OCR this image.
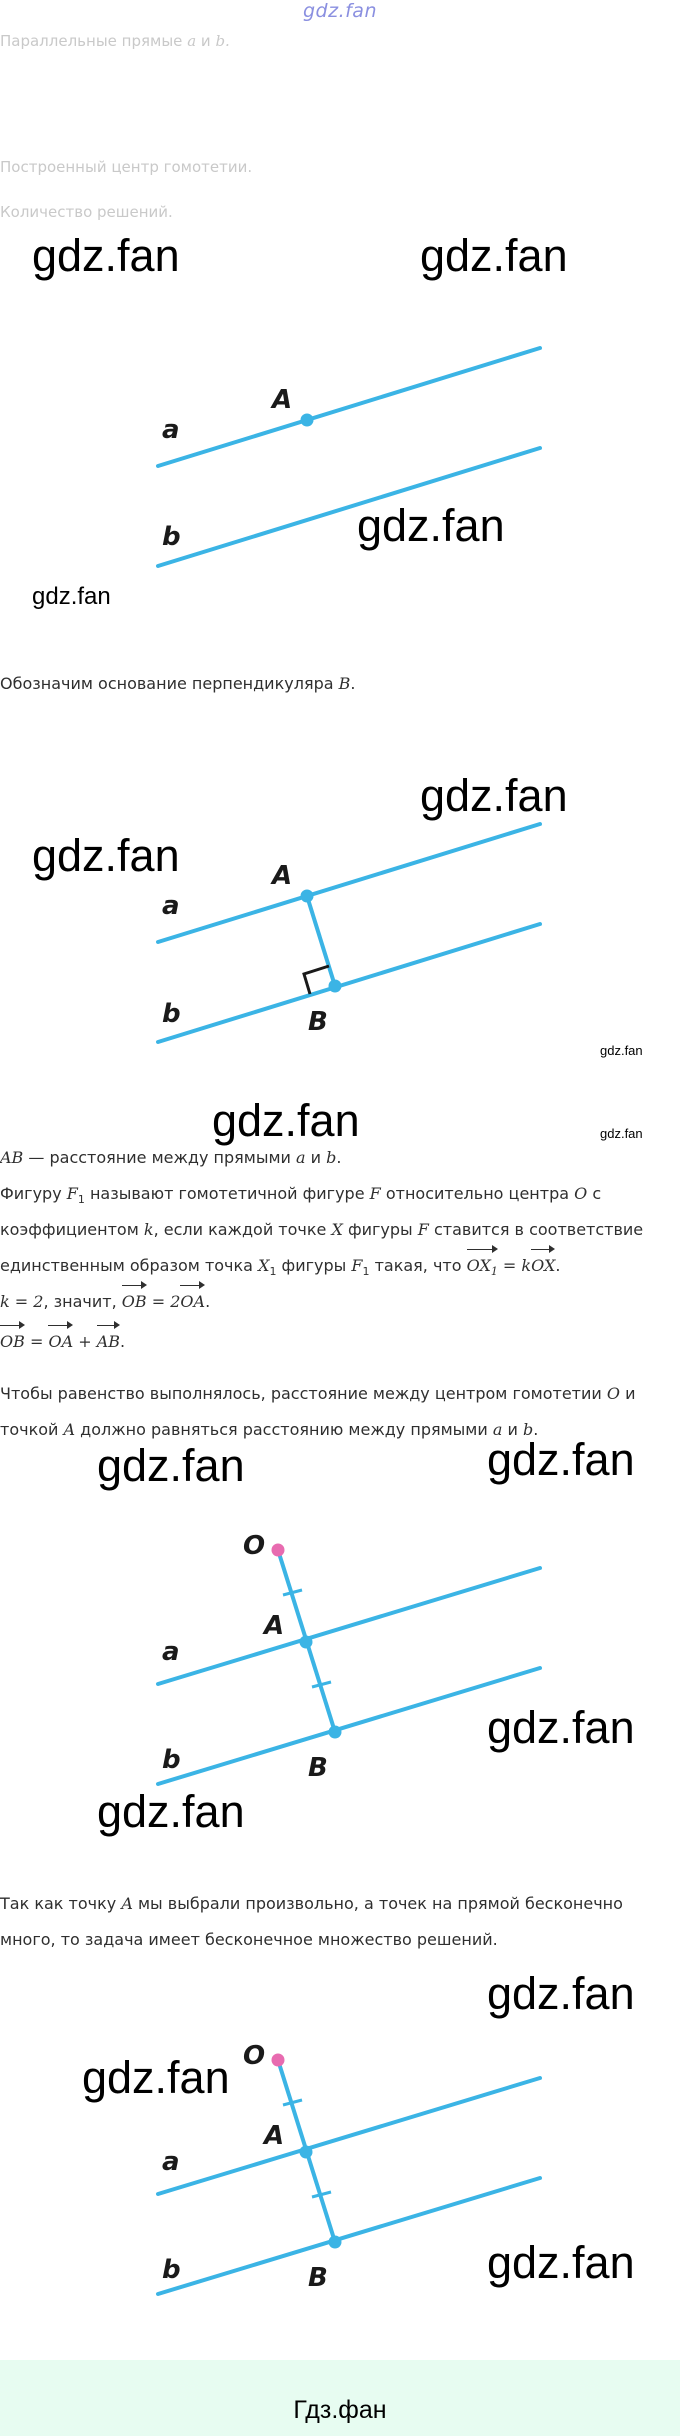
gdz.fan
Параллельные прямые a и b.
Построенный центр гомотетии.
Количество решений.
gdz.fan	gdz.fan
gdz.fan
gdz.fan
gdz.fan
gdz.fan
gdz.fan
gdz.fan	gdz.fan
gdz.fan	gdz.fan
gdz.fan
gdz.fan
gdz.fan
gdz.fan
gdz.fan
A
a
b
Обозначим основание перпендикуляра B.
A
B
a
b
AB — расстояние между прямыми a и b.
Фигуру $F_1$ называют гомотетичной фигуре F относительно центра O с
коэффициентом k, если каждой точке X фигуры F ставится в соответствие
единственным образом точка $X_1$ фигуры $F_1$ такая, что $OX_1$ = kOX.
k = 2, значит, OB = 2OA.
OB = OA + AB.
Чтобы равенство выполнялось, расстояние между центром гомотетии O и
точкой A должно равняться расстоянию между прямыми a и b.
O
A
B
a
b
Так как точку A мы выбрали произвольно, а точек на прямой бесконечно
много, то задача имеет бесконечное множество решений.
O
A
B
a
b
Гдз.фан
